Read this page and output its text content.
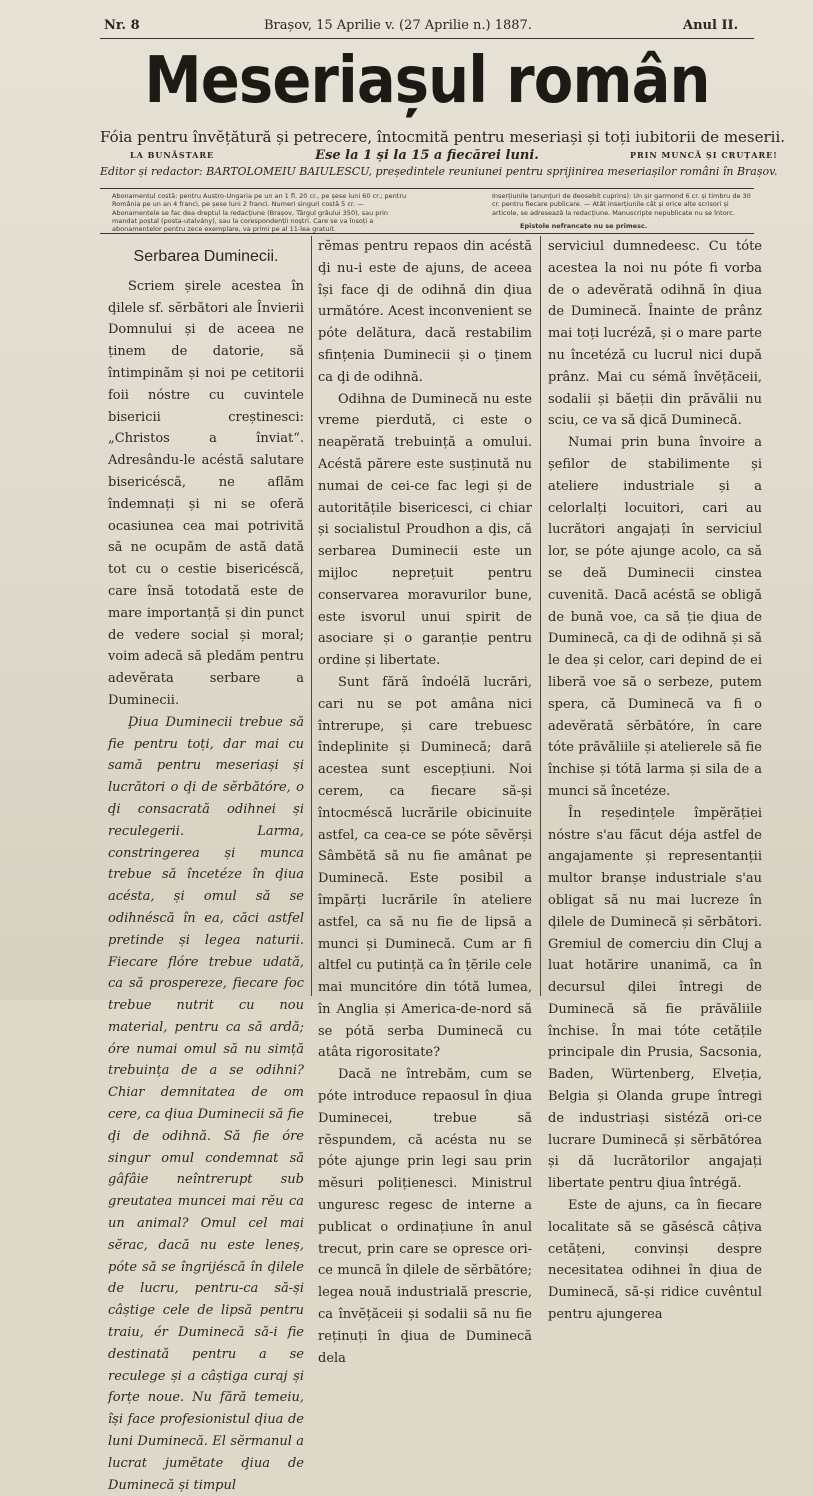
Nr. 8	Brașov, 15 Aprilie v. (27 Aprilie n.) 1887.	Anul II.
Meseriașul român
Fóia pentru învĕțătură și petrecere, întocmită pentru meseriași și toți iubitorii de meserii.
LA BUNĂSTARE	Ese la 1 și la 15 a fiecărei luni.	PRIN MUNCĂ ȘI CRUȚARE!
Editor și redactor: BARTOLOMEIU BAIULESCU, președintele reuniunei pentru sprijinirea meseriașilor români în Brașov.
Abonamentul costă: pentru Austro-Ungaria pe un an 1 fl. 20 cr., pe șese luni 60 cr.; pentru România pe un an 4 franci, pe șese luni 2 franci. Numeri singuri costă 5 cr. — Abonamentele se fac dea dreptul la redacțiune (Brașov, Târgul grâului 350), sau prin mandat poștal (posta-utalvány), sau la corespondenții noștri. Care se va însoți a abonamentelor pentru zece exemplare, va primi pe al 11-lea gratuit.
Inserțiunile (anunțuri de deosebit cuprins): Un șir garmond 6 cr. și timbru de 30 cr. pentru fiecare publicare. — Atât inserțiunile cât și orice alte scrisori și articole, se adresează la redacțiune. Manuscripte nepublicate nu se întorc.
Epistole nefrancate nu se primesc.

Serbarea Duminecii.

Scriem șirele acestea în ḑilele sf. sĕrbători ale Învierii Domnului și de aceea ne ținem de datorie, să întimpinăm și noi pe cetitorii foii nóstre cu cuvintele bisericii creștinesci: „Christos a înviat“. Adresându-le acéstă salutare bisericéscă, ne aflăm îndemnați și ni se oferă ocasiunea cea mai potrivită să ne ocupăm de astă dată tot cu o cestie bisericéscă, care însă totodată este de mare importanță și din punct de vedere social și moral; voim adecă să pledăm pentru adevĕrata serbare a Duminecii.

Ḑiua Duminecii trebue să fie pentru toți, dar mai cu samă pentru meseriași și lucrători o ḑi de sĕrbătóre, o ḑi consacrată odihnei și reculegerii. Larma, constringerea și munca trebue să încetéze în ḑiua acésta, și omul să se odihnéscă în ea, căci astfel pretinde și legea naturii. Fiecare flóre trebue udată, ca să prospereze, fiecare foc trebue nutrit cu nou material, pentru ca să ardă; óre numai omul să nu simță trebuința de a se odihni? Chiar demnitatea de om cere, ca ḑiua Duminecii să fie ḑi de odihnă. Să fie óre singur omul condemnat să gâfâie neîntrerupt sub greutatea muncei mai rĕu ca un animal? Omul cel mai sĕrac, dacă nu este leneș, póte să se îngrijéscă în ḑilele de lucru, pentru-ca să-și câștige cele de lipsă pentru traiu, ér Duminecă să-i fie destinată pentru a se reculege și a câștiga curaj și forțe noue. Nu fără temeiu, își face profesionistul ḑiua de luni Duminecă. El sĕrmanul a lucrat jumĕtate ḑiua de Duminecă și timpul

rĕmas pentru repaos din acéstă ḑi nu-i este de ajuns, de aceea își face ḑi de odihnă din ḑiua următóre. Acest inconvenient se póte delătura, dacă restabilim sfințenia Duminecii și o ținem ca ḑi de odihnă.

Odihna de Duminecă nu este vreme pierdută, ci este o neapĕrată trebuință a omului. Acéstă părere este susținută nu numai de cei-ce fac legi și de autoritățile bisericesci, ci chiar și socialistul Proudhon a ḑis, că serbarea Duminecii este un mijloc neprețuit pentru conservarea moravurilor bune, este isvorul unui spirit de asociare și o garanție pentru ordine și libertate.

Sunt fără îndoélă lucrări, cari nu se pot amâna nici întrerupe, și care trebuesc îndeplinite și Duminecă; dară acestea sunt escepțiuni. Noi cerem, ca fiecare să-și întocméscă lucrările obicinuite astfel, ca cea-ce se póte sĕvĕrși Sâmbĕtă să nu fie amânat pe Duminecă. Este posibil a împărți lucrările în ateliere astfel, ca să nu fie de lipsă a munci și Duminecă. Cum ar fi altfel cu putință ca în țĕrile cele mai muncitóre din tótă lumea, în Anglia și America-de-nord să se pótă serba Duminecă cu atâta rigorositate?

Dacă ne întrebăm, cum se póte introduce repaosul în ḑiua Duminecei, trebue să rĕspundem, că acésta nu se póte ajunge prin legi sau prin mĕsuri polițienesci. Ministrul unguresc regesc de interne a publicat o ordinațiune în anul trecut, prin care se opresce ori-ce muncă în ḑilele de sĕrbătóre; legea nouă industrială prescrie, ca învĕțăceii și sodalii să nu fie reținuți în ḑiua de Duminecă dela

serviciul dumnedeesc. Cu tóte acestea la noi nu póte fi vorba de o adevĕrată odihnă în ḑiua de Duminecă. Înainte de prânz mai toți lucréză, și o mare parte nu încetéză cu lucrul nici după prânz. Mai cu sémă învĕțăceii, sodalii și băeții din prăvălii nu sciu, ce va să ḑică Duminecă.

Numai prin buna învoire a șefilor de stabilimente și ateliere industriale și a celorlalți locuitori, cari au lucrători angajați în serviciul lor, se póte ajunge acolo, ca să se deă Duminecii cinstea cuvenită. Dacă acéstă se obligă de bună voe, ca să ție ḑiua de Duminecă, ca ḑi de odihnă și să le dea și celor, cari depind de ei liberă voe să o serbeze, putem spera, că Duminecă va fi o adevĕrată sĕrbătóre, în care tóte prăvăliile și atelierele să fie închise și tótă larma și sila de a munci să încetéze.

În reședințele împĕrăției nóstre s'au făcut déja astfel de angajamente și representanții multor branșe industriale s'au obligat să nu mai lucreze în ḑilele de Duminecă și sĕrbători. Gremiul de comerciu din Cluj a luat hotărire unanimă, ca în decursul ḑilei întregi de Duminecă să fie prăvăliile închise. În mai tóte cetățile principale din Prusia, Sacsonia, Baden, Würtenberg, Elveția, Belgia și Olanda grupe întregi de industriași sistéză ori-ce lucrare Duminecă și sĕrbătórea și dă lucrătorilor angajați libertate pentru ḑiua întrégă.

Este de ajuns, ca în fiecare localitate să se găséscă câțiva cetățeni, convinși despre necesitatea odihnei în ḑiua de Duminecă, să-și ridice cuvêntul pentru ajungerea
